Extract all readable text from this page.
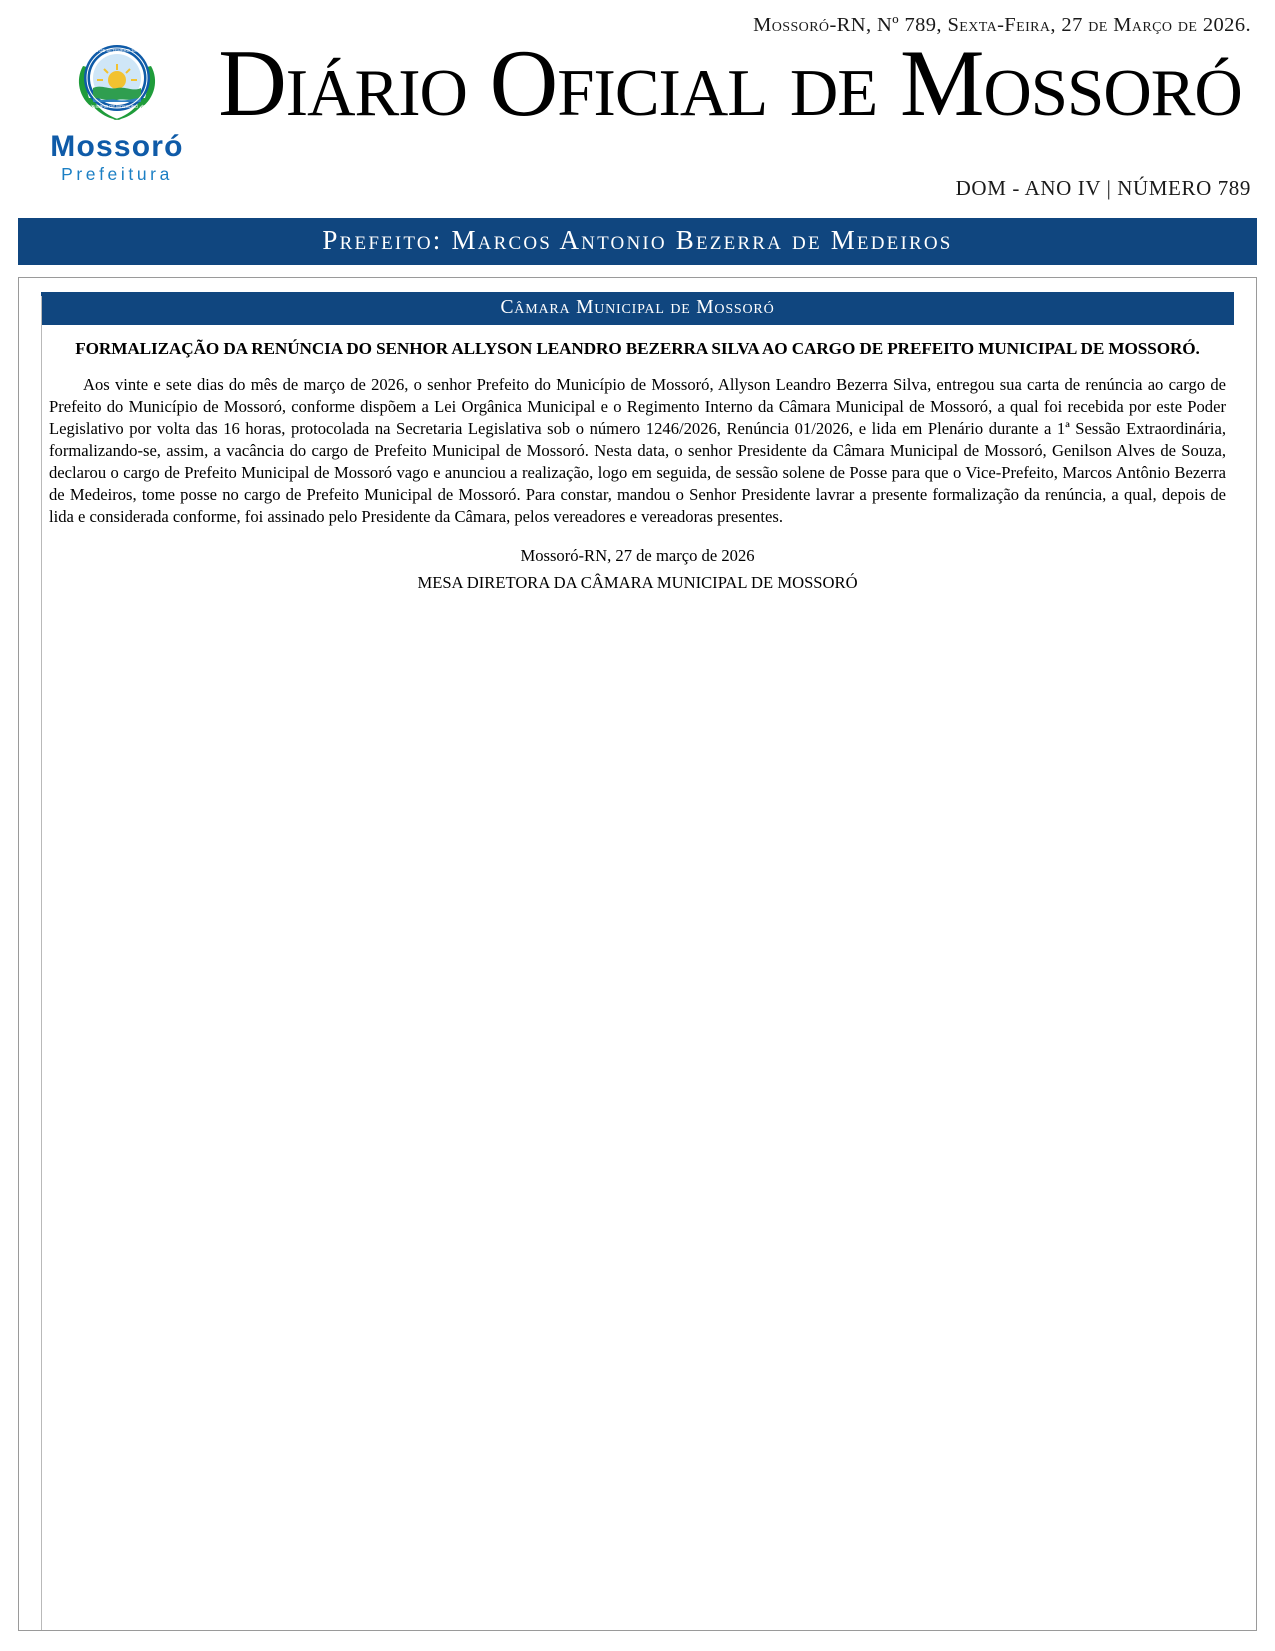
Mossoró-RN, Nº 789, Sexta-Feira, 27 de Março de 2026.
30 DE SETEMBRO 1870
MUNICÍPIO DE MOSSORÓ · RN
Mossoró
Prefeitura
Diário Oficial de Mossoró
DOM - ANO IV | NÚMERO 789
Prefeito: Marcos Antonio Bezerra de Medeiros
Câmara Municipal de Mossoró
FORMALIZAÇÃO DA RENÚNCIA DO SENHOR ALLYSON LEANDRO BEZERRA SILVA AO CARGO DE PREFEITO MUNICIPAL DE MOSSORÓ.
Aos vinte e sete dias do mês de março de 2026, o senhor Prefeito do Município de Mossoró, Allyson Leandro Bezerra Silva, entregou sua carta de renúncia ao cargo de Prefeito do Município de Mossoró, conforme dispõem a Lei Orgânica Municipal e o Regimento Interno da Câmara Municipal de Mossoró, a qual foi recebida por este Poder Legislativo por volta das 16 horas, protocolada na Secretaria Legislativa sob o número 1246/2026, Renúncia 01/2026, e lida em Plenário durante a 1ª Sessão Extraordinária, formalizando-se, assim, a vacância do cargo de Prefeito Municipal de Mossoró. Nesta data, o senhor Presidente da Câmara Municipal de Mossoró, Genilson Alves de Souza, declarou o cargo de Prefeito Municipal de Mossoró vago e anunciou a realização, logo em seguida, de sessão solene de Posse para que o Vice-Prefeito, Marcos Antônio Bezerra de Medeiros, tome posse no cargo de Prefeito Municipal de Mossoró. Para constar, mandou o Senhor Presidente lavrar a presente formalização da renúncia, a qual, depois de lida e considerada conforme, foi assinado pelo Presidente da Câmara, pelos vereadores e vereadoras presentes.
Mossoró-RN, 27 de março de 2026
MESA DIRETORA DA CÂMARA MUNICIPAL DE MOSSORÓ
